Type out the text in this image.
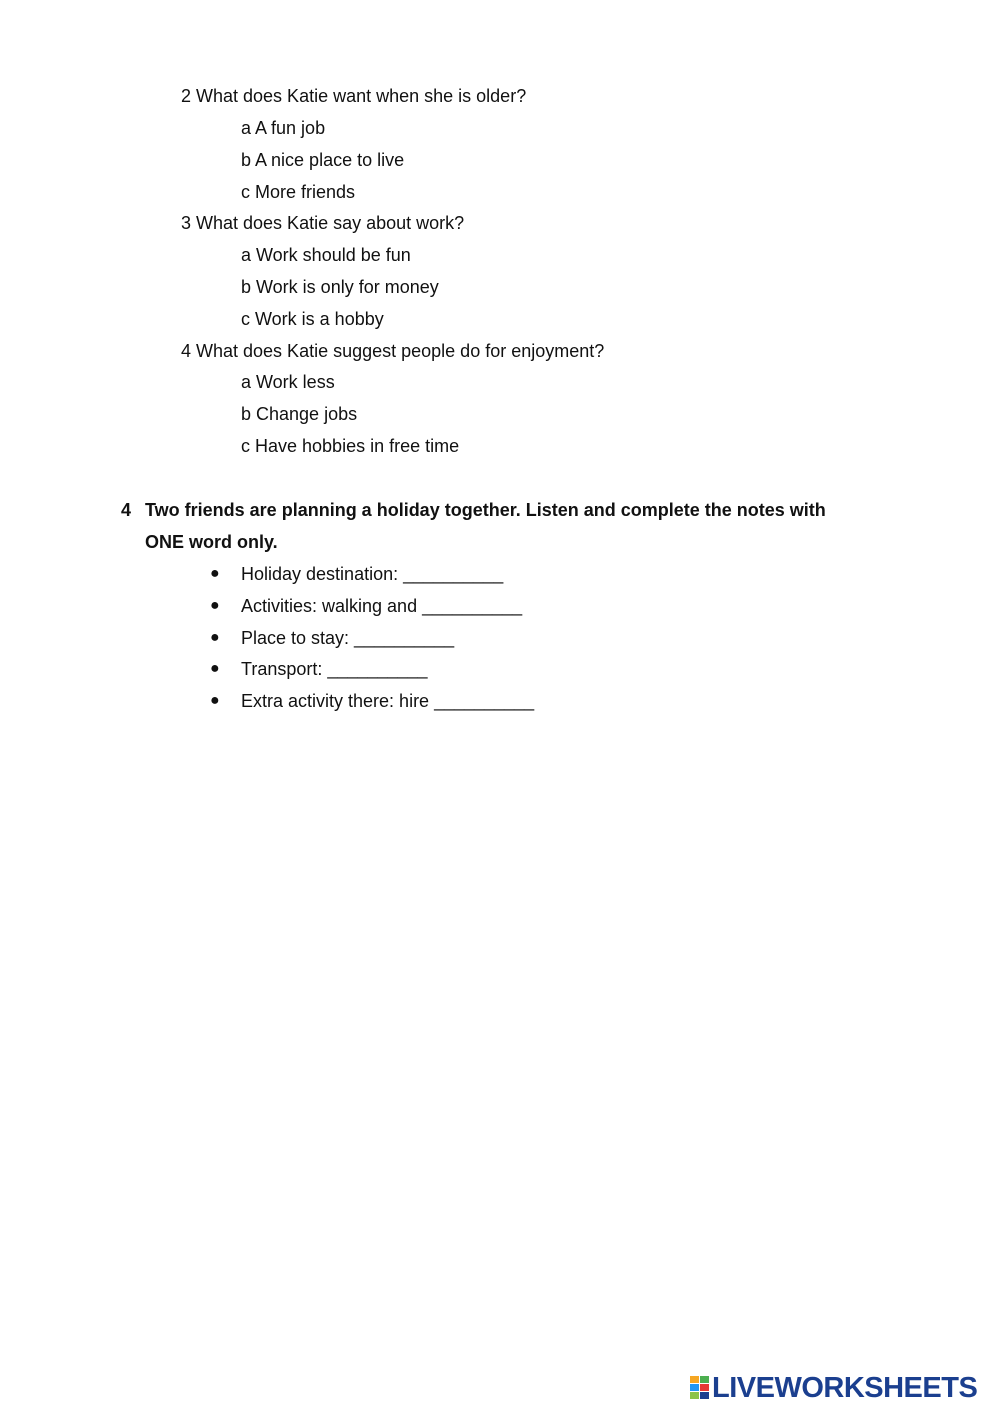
2 What does Katie want when she is older?
a A fun job
b A nice place to live
c More friends
3 What does Katie say about work?
a Work should be fun
b Work is only for money
c Work is a hobby
4 What does Katie suggest people do for enjoyment?
a Work less
b Change jobs
c Have hobbies in free time
4 Two friends are planning a holiday together. Listen and complete the notes with
ONE word only.
● Holiday destination: __________
● Activities: walking and __________
● Place to stay: __________
● Transport: __________
● Extra activity there: hire __________
LIVEWORKSHEETS
